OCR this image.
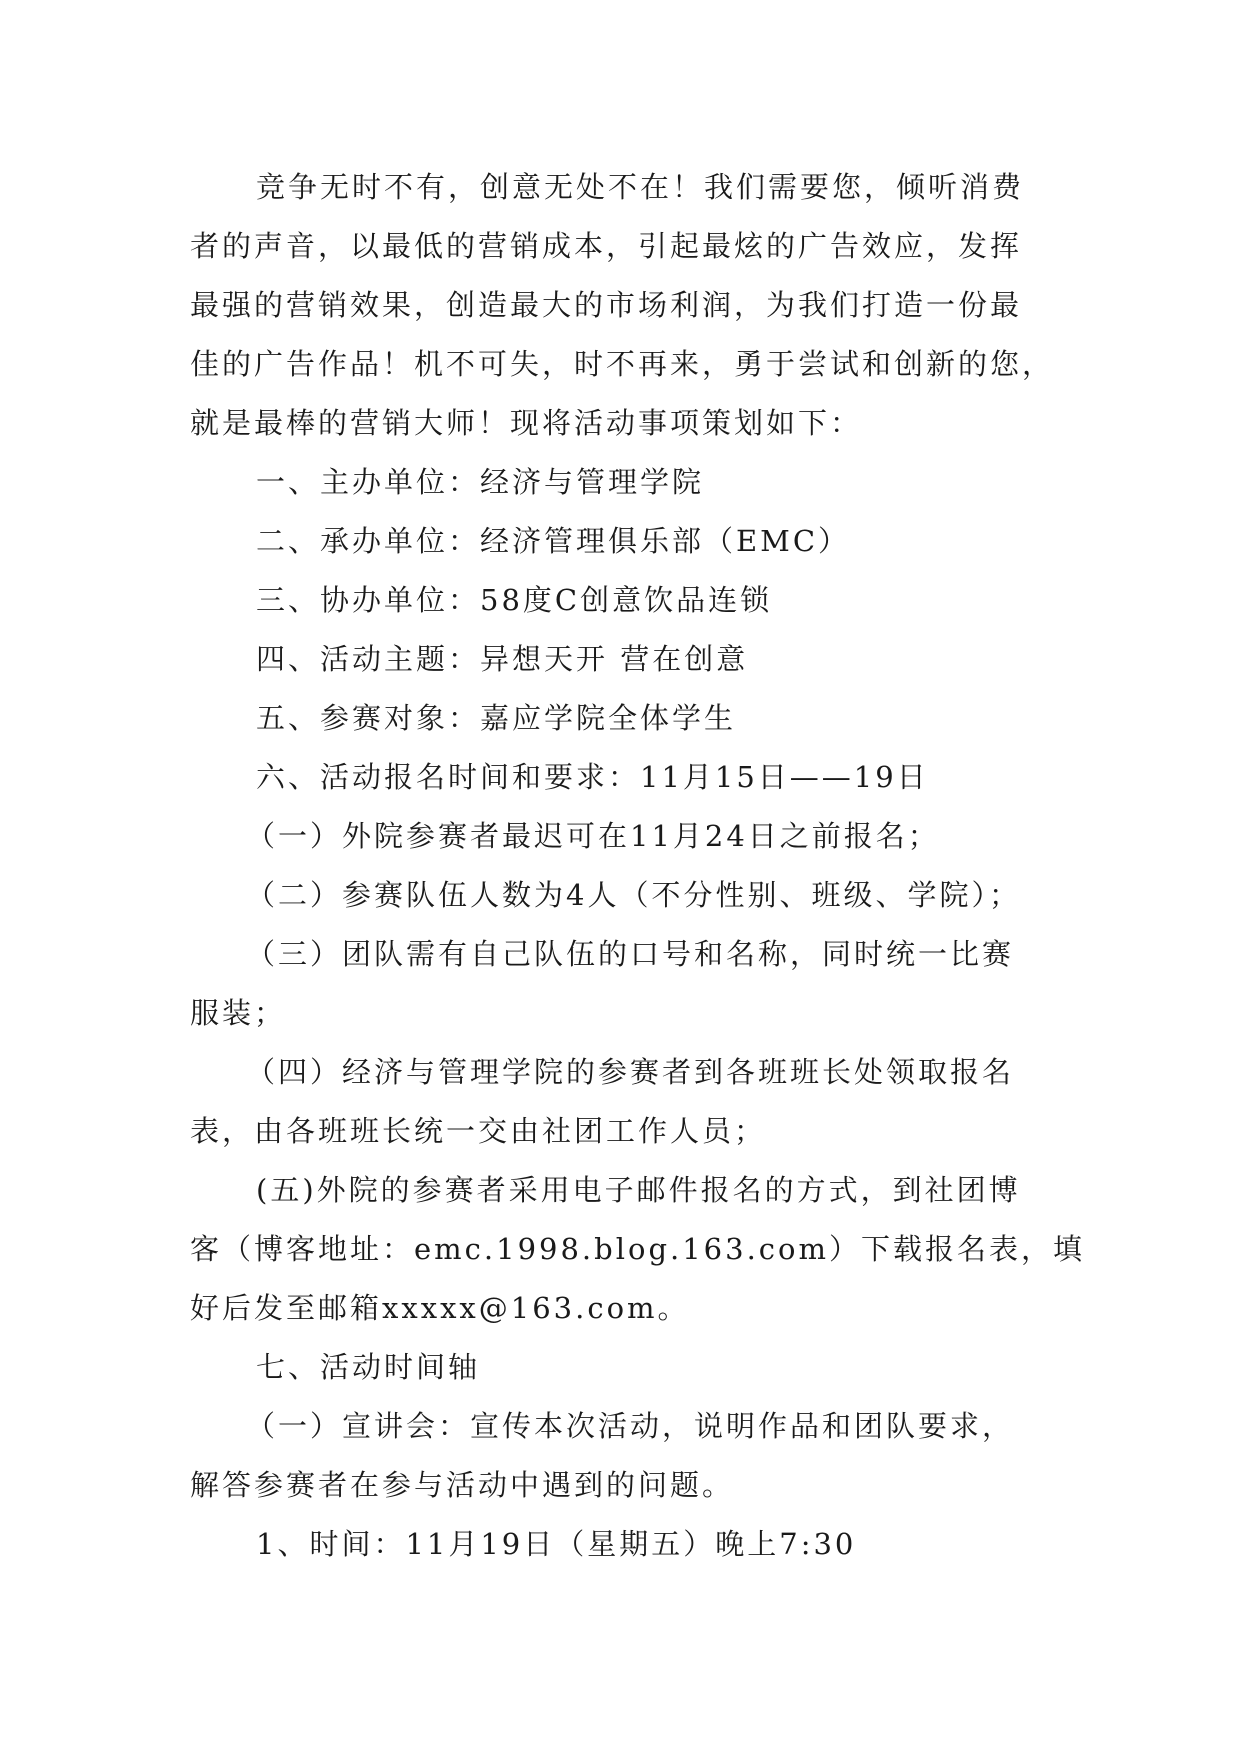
竞争无时不有，创意无处不在！我们需要您，倾听消费
者的声音，以最低的营销成本，引起最炫的广告效应，发挥
最强的营销效果，创造最大的市场利润，为我们打造一份最
佳的广告作品！机不可失，时不再来，勇于尝试和创新的您，
就是最棒的营销大师！现将活动事项策划如下：
一、主办单位：经济与管理学院
二、承办单位：经济管理俱乐部（EMC）
三、协办单位：58度C创意饮品连锁
四、活动主题：异想天开 营在创意
五、参赛对象：嘉应学院全体学生
六、活动报名时间和要求：11月15日——19日
（一）外院参赛者最迟可在11月24日之前报名；
（二）参赛队伍人数为4人（不分性别、班级、学院）；
（三）团队需有自己队伍的口号和名称，同时统一比赛
服装；
（四）经济与管理学院的参赛者到各班班长处领取报名
表，由各班班长统一交由社团工作人员；
(五)外院的参赛者采用电子邮件报名的方式，到社团博
客（博客地址：emc.1998.blog.163.com）下载报名表，填
好后发至邮箱xxxxx@163.com。
七、活动时间轴
（一）宣讲会：宣传本次活动，说明作品和团队要求，
解答参赛者在参与活动中遇到的问题。
1、时间：11月19日（星期五）晚上7:30
